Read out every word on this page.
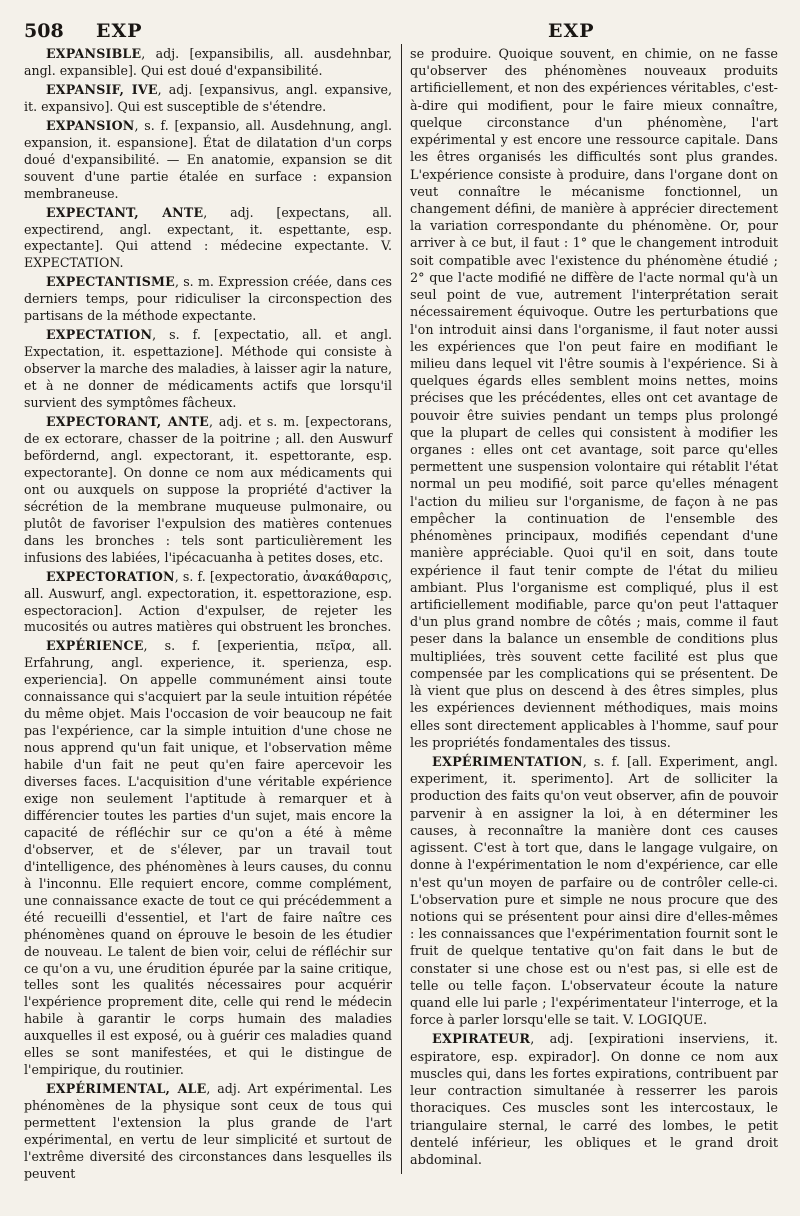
508 EXP	EXP

EXPANSIBLE, adj. [expansibilis, all. ausdehnbar, angl. expansible]. Qui est doué d'expansibilité.

EXPANSIF, IVE, adj. [expansivus, angl. expansive, it. expansivo]. Qui est susceptible de s'étendre.

EXPANSION, s. f. [expansio, all. Ausdehnung, angl. expansion, it. espansione]. État de dilatation d'un corps doué d'expansibilité. — En anatomie, expansion se dit souvent d'une partie étalée en surface : expansion membraneuse.

EXPECTANT, ANTE, adj. [expectans, all. expectirend, angl. expectant, it. espettante, esp. expectante]. Qui attend : médecine expectante. V. EXPECTATION.

EXPECTANTISME, s. m. Expression créée, dans ces derniers temps, pour ridiculiser la circonspection des partisans de la méthode expectante.

EXPECTATION, s. f. [expectatio, all. et angl. Expectation, it. espettazione]. Méthode qui consiste à observer la marche des maladies, à laisser agir la nature, et à ne donner de médicaments actifs que lorsqu'il survient des symptômes fâcheux.

EXPECTORANT, ANTE, adj. et s. m. [expectorans, de ex ectorare, chasser de la poitrine ; all. den Auswurf befördernd, angl. expectorant, it. espettorante, esp. expectorante]. On donne ce nom aux médicaments qui ont ou auxquels on suppose la propriété d'activer la sécrétion de la membrane muqueuse pulmonaire, ou plutôt de favoriser l'expulsion des matières contenues dans les bronches : tels sont particulièrement les infusions des labiées, l'ipécacuanha à petites doses, etc.

EXPECTORATION, s. f. [expectoratio, ἀνακάθαρσις, all. Auswurf, angl. expectoration, it. espettorazione, esp. espectoracion]. Action d'expulser, de rejeter les mucosités ou autres matières qui obstruent les bronches.

EXPÉRIENCE, s. f. [experientia, πεῖρα, all. Erfahrung, angl. experience, it. sperienza, esp. experiencia]. On appelle communément ainsi toute connaissance qui s'acquiert par la seule intuition répétée du même objet. Mais l'occasion de voir beaucoup ne fait pas l'expérience, car la simple intuition d'une chose ne nous apprend qu'un fait unique, et l'observation même habile d'un fait ne peut qu'en faire apercevoir les diverses faces. L'acquisition d'une véritable expérience exige non seulement l'aptitude à remarquer et à différencier toutes les parties d'un sujet, mais encore la capacité de réfléchir sur ce qu'on a été à même d'observer, et de s'élever, par un travail tout d'intelligence, des phénomènes à leurs causes, du connu à l'inconnu. Elle requiert encore, comme complément, une connaissance exacte de tout ce qui précédemment a été recueilli d'essentiel, et l'art de faire naître ces phénomènes quand on éprouve le besoin de les étudier de nouveau. Le talent de bien voir, celui de réfléchir sur ce qu'on a vu, une érudition épurée par la saine critique, telles sont les qualités nécessaires pour acquérir l'expérience proprement dite, celle qui rend le médecin habile à garantir le corps humain des maladies auxquelles il est exposé, ou à guérir ces maladies quand elles se sont manifestées, et qui le distingue de l'empirique, du routinier.

EXPÉRIMENTAL, ALE, adj. Art expérimental. Les phénomènes de la physique sont ceux de tous qui permettent l'extension la plus grande de l'art expérimental, en vertu de leur simplicité et surtout de l'extrême diversité des circonstances dans lesquelles ils peuvent

se produire. Quoique souvent, en chimie, on ne fasse qu'observer des phénomènes nouveaux produits artificiellement, et non des expériences véritables, c'est-à-dire qui modifient, pour le faire mieux connaître, quelque circonstance d'un phénomène, l'art expérimental y est encore une ressource capitale. Dans les êtres organisés les difficultés sont plus grandes. L'expérience consiste à produire, dans l'organe dont on veut connaître le mécanisme fonctionnel, un changement défini, de manière à apprécier directement la variation correspondante du phénomène. Or, pour arriver à ce but, il faut : 1° que le changement introduit soit compatible avec l'existence du phénomène étudié ; 2° que l'acte modifié ne diffère de l'acte normal qu'à un seul point de vue, autrement l'interprétation serait nécessairement équivoque. Outre les perturbations que l'on introduit ainsi dans l'organisme, il faut noter aussi les expériences que l'on peut faire en modifiant le milieu dans lequel vit l'être soumis à l'expérience. Si à quelques égards elles semblent moins nettes, moins précises que les précédentes, elles ont cet avantage de pouvoir être suivies pendant un temps plus prolongé que la plupart de celles qui consistent à modifier les organes : elles ont cet avantage, soit parce qu'elles permettent une suspension volontaire qui rétablit l'état normal un peu modifié, soit parce qu'elles ménagent l'action du milieu sur l'organisme, de façon à ne pas empêcher la continuation de l'ensemble des phénomènes principaux, modifiés cependant d'une manière appréciable. Quoi qu'il en soit, dans toute expérience il faut tenir compte de l'état du milieu ambiant. Plus l'organisme est compliqué, plus il est artificiellement modifiable, parce qu'on peut l'attaquer d'un plus grand nombre de côtés ; mais, comme il faut peser dans la balance un ensemble de conditions plus multipliées, très souvent cette facilité est plus que compensée par les complications qui se présentent. De là vient que plus on descend à des êtres simples, plus les expériences deviennent méthodiques, mais moins elles sont directement applicables à l'homme, sauf pour les propriétés fondamentales des tissus.

EXPÉRIMENTATION, s. f. [all. Experiment, angl. experiment, it. sperimento]. Art de solliciter la production des faits qu'on veut observer, afin de pouvoir parvenir à en assigner la loi, à en déterminer les causes, à reconnaître la manière dont ces causes agissent. C'est à tort que, dans le langage vulgaire, on donne à l'expérimentation le nom d'expérience, car elle n'est qu'un moyen de parfaire ou de contrôler celle-ci. L'observation pure et simple ne nous procure que des notions qui se présentent pour ainsi dire d'elles-mêmes : les connaissances que l'expérimentation fournit sont le fruit de quelque tentative qu'on fait dans le but de constater si une chose est ou n'est pas, si elle est de telle ou telle façon. L'observateur écoute la nature quand elle lui parle ; l'expérimentateur l'interroge, et la force à parler lorsqu'elle se tait. V. LOGIQUE.

EXPIRATEUR, adj. [expirationi inserviens, it. espiratore, esp. expirador]. On donne ce nom aux muscles qui, dans les fortes expirations, contribuent par leur contraction simultanée à resserrer les parois thoraciques. Ces muscles sont les intercostaux, le triangulaire sternal, le carré des lombes, le petit dentelé inférieur, les obliques et le grand droit abdominal.
